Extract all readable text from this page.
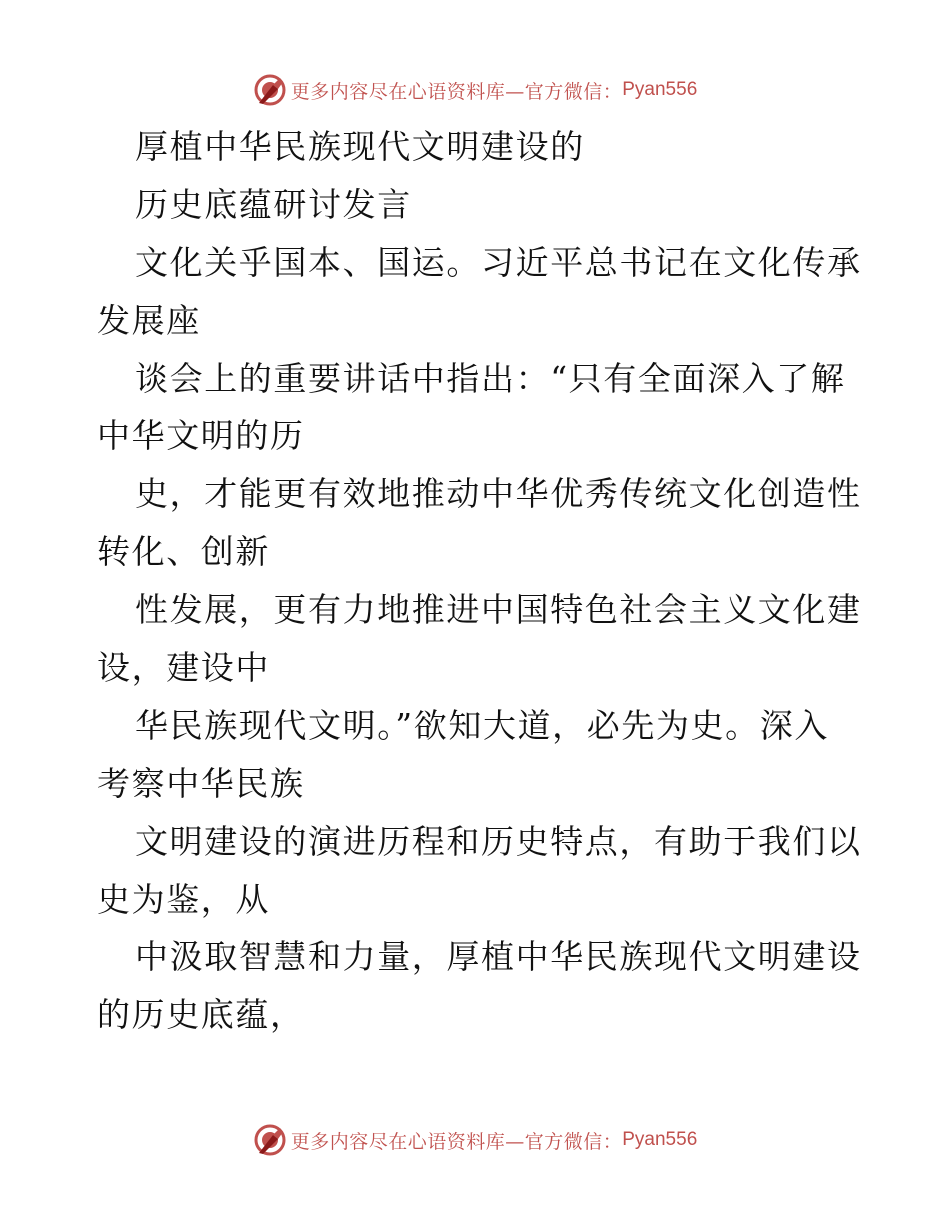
更多内容尽在心语资料库—官方微信： Pyan556
厚植中华民族现代文明建设的
历史底蕴研讨发言
文化关乎国本、国运。习近平总书记在文化传承
发展座
谈会上的重要讲话中指出：“只有全面深入了解
中华文明的历
史，才能更有效地推动中华优秀传统文化创造性
转化、创新
性发展，更有力地推进中国特色社会主义文化建
设，建设中
华民族现代文明。”欲知大道，必先为史。深入
考察中华民族
文明建设的演进历程和历史特点，有助于我们以
史为鉴，从
中汲取智慧和力量，厚植中华民族现代文明建设
的历史底蕴，
更多内容尽在心语资料库—官方微信： Pyan556
